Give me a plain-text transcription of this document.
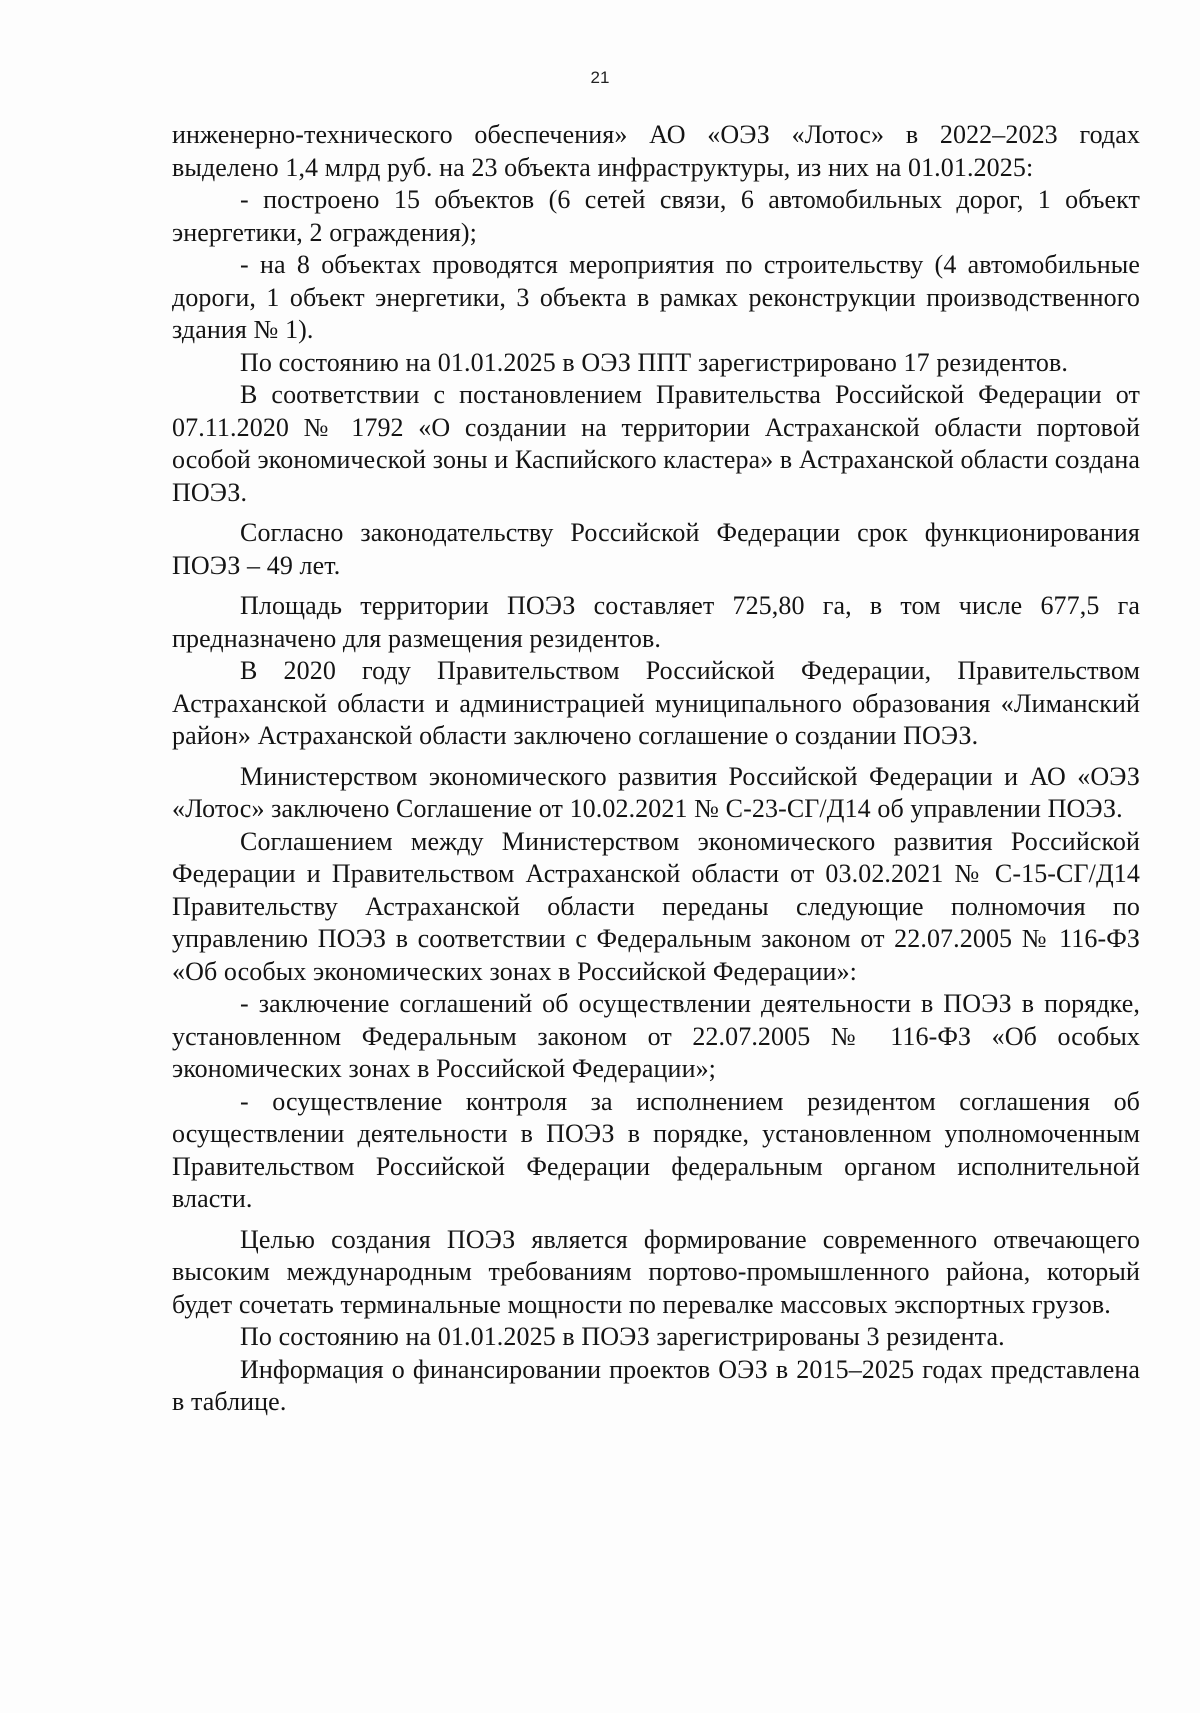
21

инженерно-технического обеспечения» АО «ОЭЗ «Лотос» в 2022–2023 годах выделено 1,4 млрд руб. на 23 объекта инфраструктуры, из них на 01.01.2025:

- построено 15 объектов (6 сетей связи, 6 автомобильных дорог, 1 объект энергетики, 2 ограждения);

- на 8 объектах проводятся мероприятия по строительству (4 автомобильные дороги, 1 объект энергетики, 3 объекта в рамках реконструкции производственного здания № 1).

По состоянию на 01.01.2025 в ОЭЗ ППТ зарегистрировано 17 резидентов.

В соответствии с постановлением Правительства Российской Федерации от 07.11.2020 № 1792 «О создании на территории Астраханской области портовой особой экономической зоны и Каспийского кластера» в Астраханской области создана ПОЭЗ.

Согласно законодательству Российской Федерации срок функционирования ПОЭЗ – 49 лет.

Площадь территории ПОЭЗ составляет 725,80 га, в том числе 677,5 га предназначено для размещения резидентов.

В 2020 году Правительством Российской Федерации, Правительством Астраханской области и администрацией муниципального образования «Лиманский район» Астраханской области заключено соглашение о создании ПОЭЗ.

Министерством экономического развития Российской Федерации и АО «ОЭЗ «Лотос» заключено Соглашение от 10.02.2021 № С-23-СГ/Д14 об управлении ПОЭЗ.

Соглашением между Министерством экономического развития Российской Федерации и Правительством Астраханской области от 03.02.2021 № С-15-СГ/Д14 Правительству Астраханской области переданы следующие полномочия по управлению ПОЭЗ в соответствии с Федеральным законом от 22.07.2005 № 116-ФЗ «Об особых экономических зонах в Российской Федерации»:

- заключение соглашений об осуществлении деятельности в ПОЭЗ в порядке, установленном Федеральным законом от 22.07.2005 № 116-ФЗ «Об особых экономических зонах в Российской Федерации»;

- осуществление контроля за исполнением резидентом соглашения об осуществлении деятельности в ПОЭЗ в порядке, установленном уполномоченным Правительством Российской Федерации федеральным органом исполнительной власти.

Целью создания ПОЭЗ является формирование современного отвечающего высоким международным требованиям портово-промышленного района, который будет сочетать терминальные мощности по перевалке массовых экспортных грузов.

По состоянию на 01.01.2025 в ПОЭЗ зарегистрированы 3 резидента.

Информация о финансировании проектов ОЭЗ в 2015–2025 годах представлена в таблице.
